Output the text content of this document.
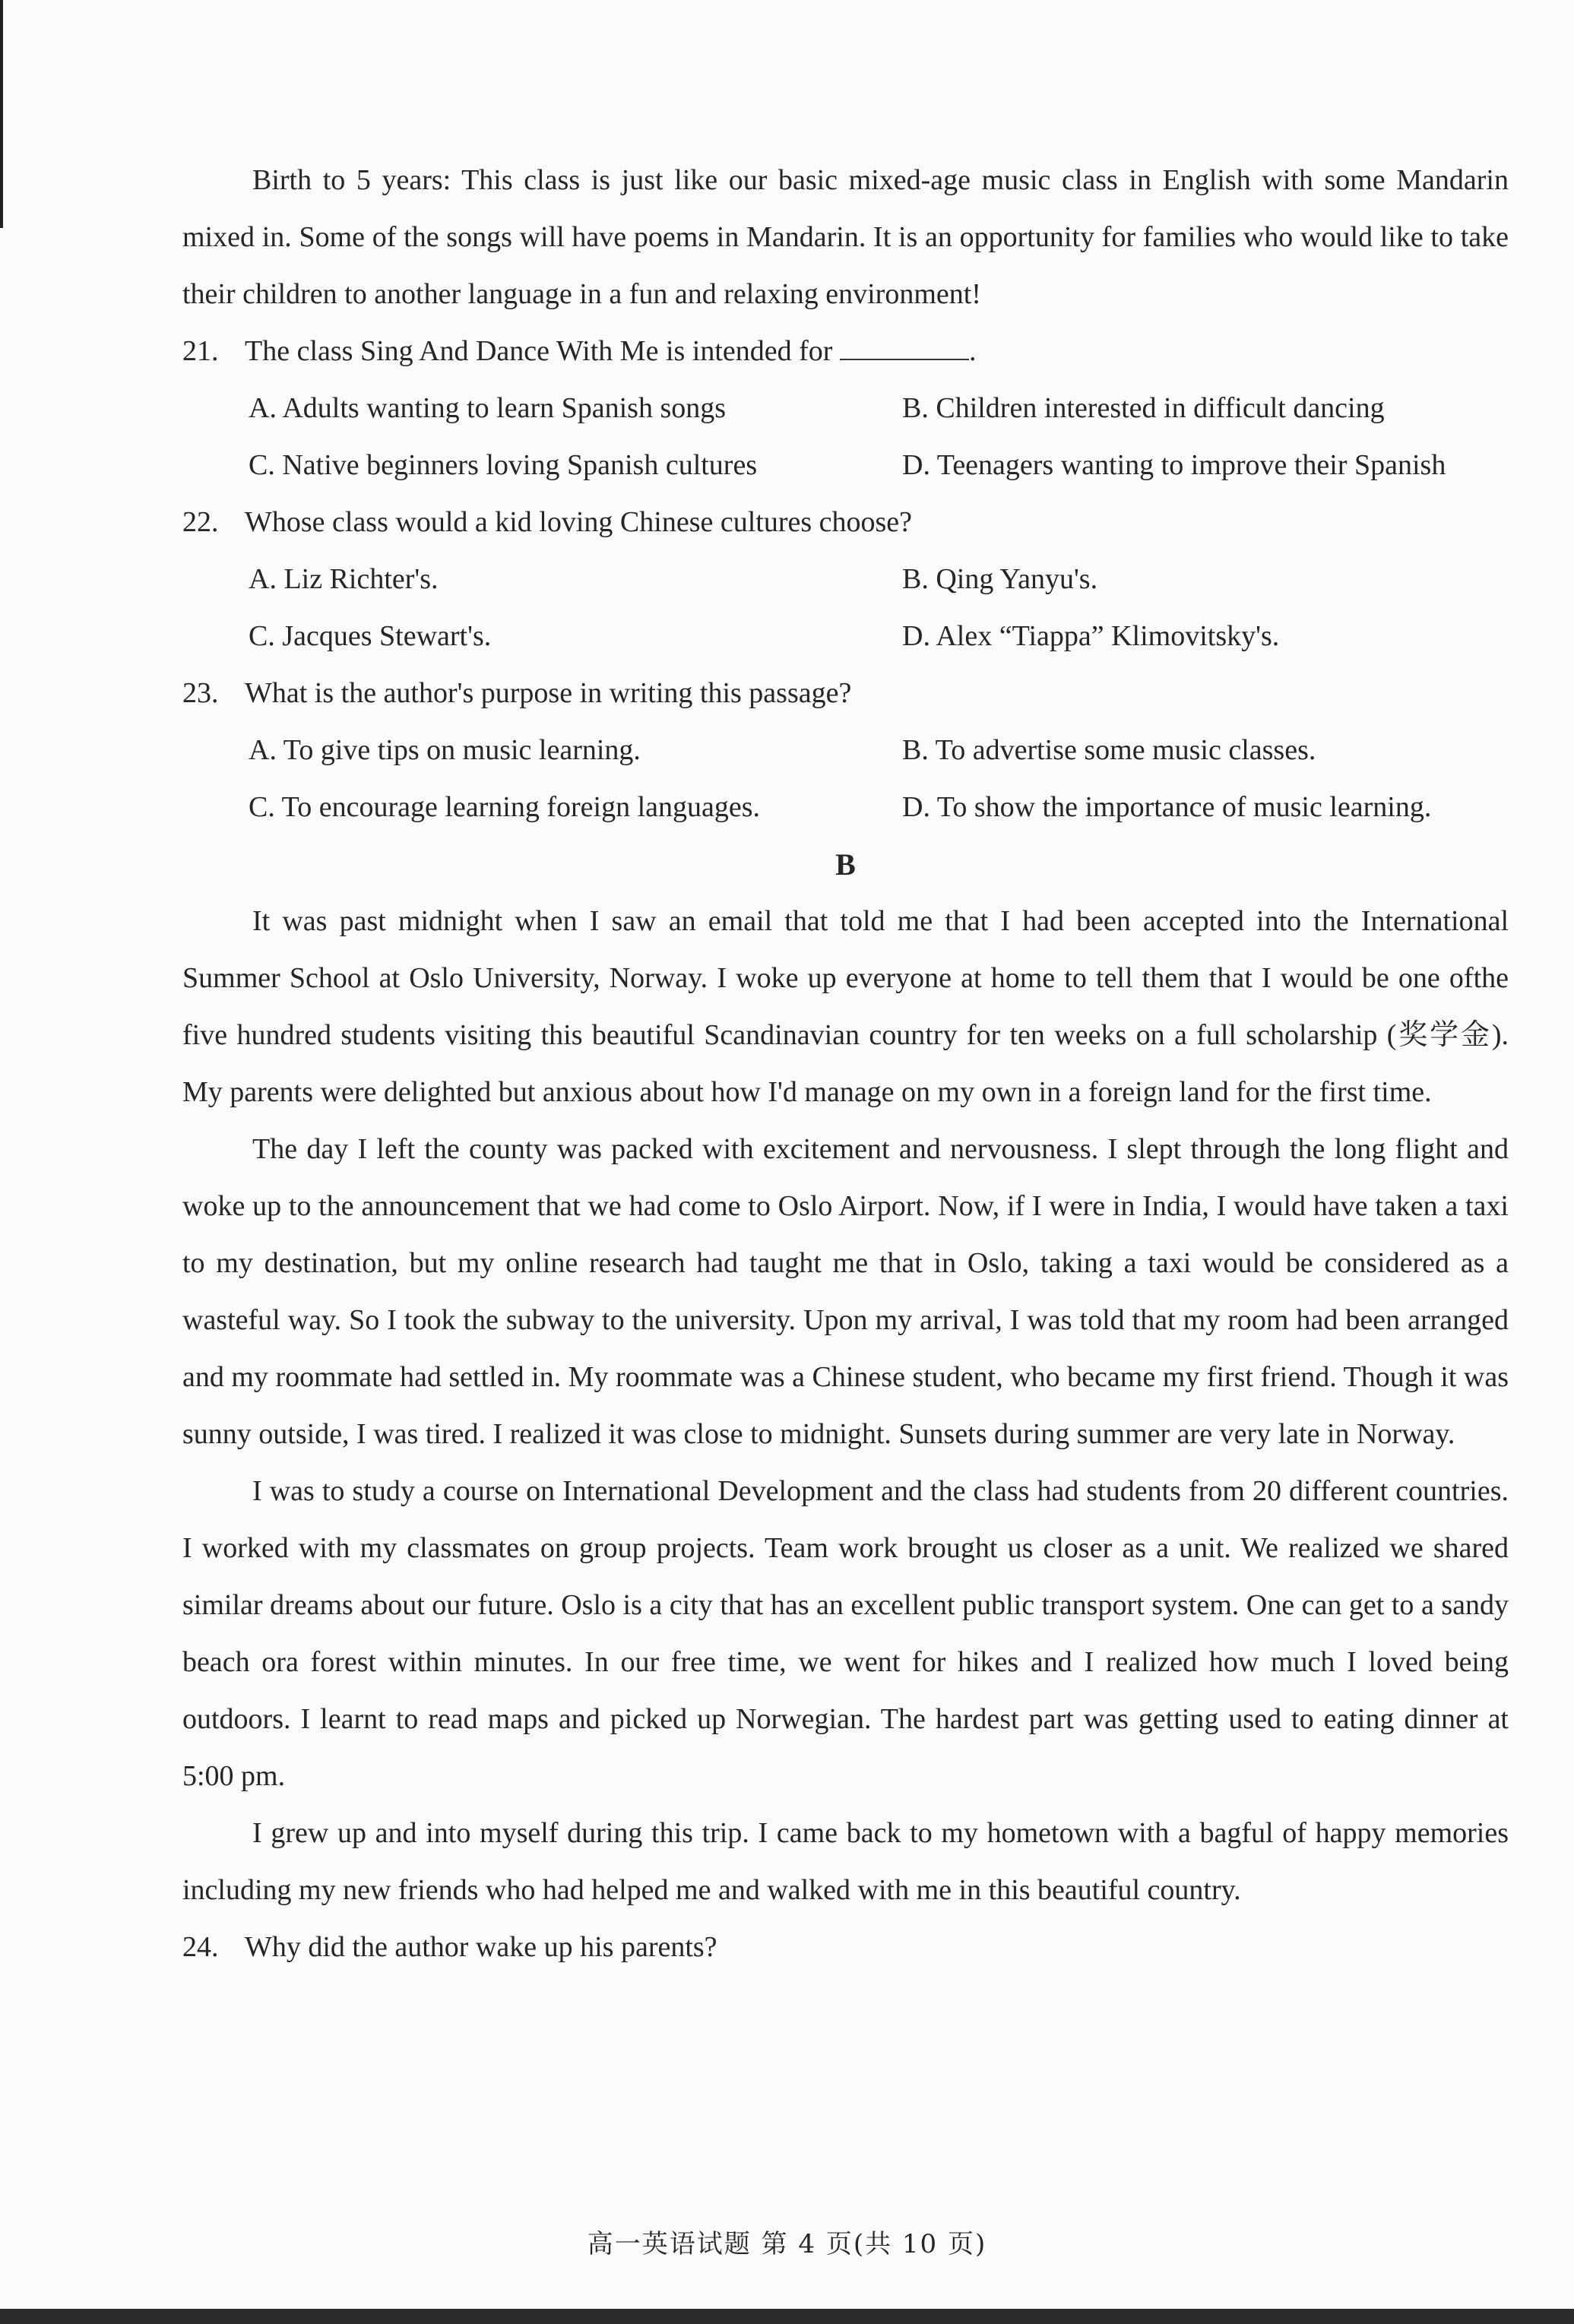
Birth to 5 years: This class is just like our basic mixed-age music class in English with some Mandarin mixed in. Some of the songs will have poems in Mandarin. It is an opportunity for families who would like to take their children to another language in a fun and relaxing environment!

21. The class Sing And Dance With Me is intended for	.
A. Adults wanting to learn Spanish songs	B. Children interested in difficult dancing
C. Native beginners loving Spanish cultures	D. Teenagers wanting to improve their Spanish
22. Whose class would a kid loving Chinese cultures choose?
A. Liz Richter's.	B. Qing Yanyu's.
C. Jacques Stewart's.	D. Alex “Tiappa” Klimovitsky's.
23. What is the author's purpose in writing this passage?
A. To give tips on music learning.	B. To advertise some music classes.
C. To encourage learning foreign languages.	D. To show the importance of music learning.
B

It was past midnight when I saw an email that told me that I had been accepted into the International Summer School at Oslo University, Norway. I woke up everyone at home to tell them that I would be one ofthe five hundred students visiting this beautiful Scandinavian country for ten weeks on a full scholarship (奖学金). My parents were delighted but anxious about how I'd manage on my own in a foreign land for the first time.

The day I left the county was packed with excitement and nervousness. I slept through the long flight and woke up to the announcement that we had come to Oslo Airport. Now, if I were in India, I would have taken a taxi to my destination, but my online research had taught me that in Oslo, taking a taxi would be considered as a wasteful way. So I took the subway to the university. Upon my arrival, I was told that my room had been arranged and my roommate had settled in. My roommate was a Chinese student, who became my first friend. Though it was sunny outside, I was tired. I realized it was close to midnight. Sunsets during summer are very late in Norway.

I was to study a course on International Development and the class had students from 20 different countries. I worked with my classmates on group projects. Team work brought us closer as a unit. We realized we shared similar dreams about our future. Oslo is a city that has an excellent public transport system. One can get to a sandy beach ora forest within minutes. In our free time, we went for hikes and I realized how much I loved being outdoors. I learnt to read maps and picked up Norwegian. The hardest part was getting used to eating dinner at 5:00 pm.

I grew up and into myself during this trip. I came back to my hometown with a bagful of happy memories including my new friends who had helped me and walked with me in this beautiful country.

24. Why did the author wake up his parents?
高一英语试题 第 4 页(共 10 页)
